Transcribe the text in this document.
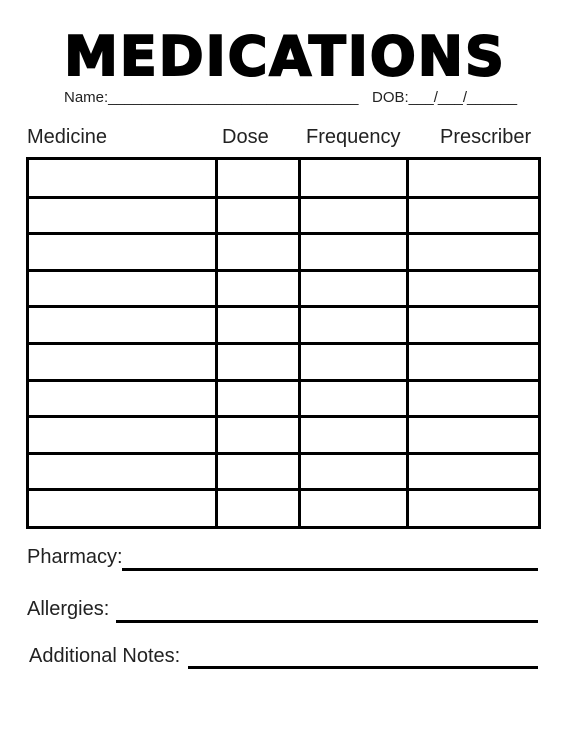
MEDICATIONS
Name:______________________________ DOB:___/___/______
Medicine	Dose Frequency Prescriber
Pharmacy:
Allergies:
Additional Notes:
